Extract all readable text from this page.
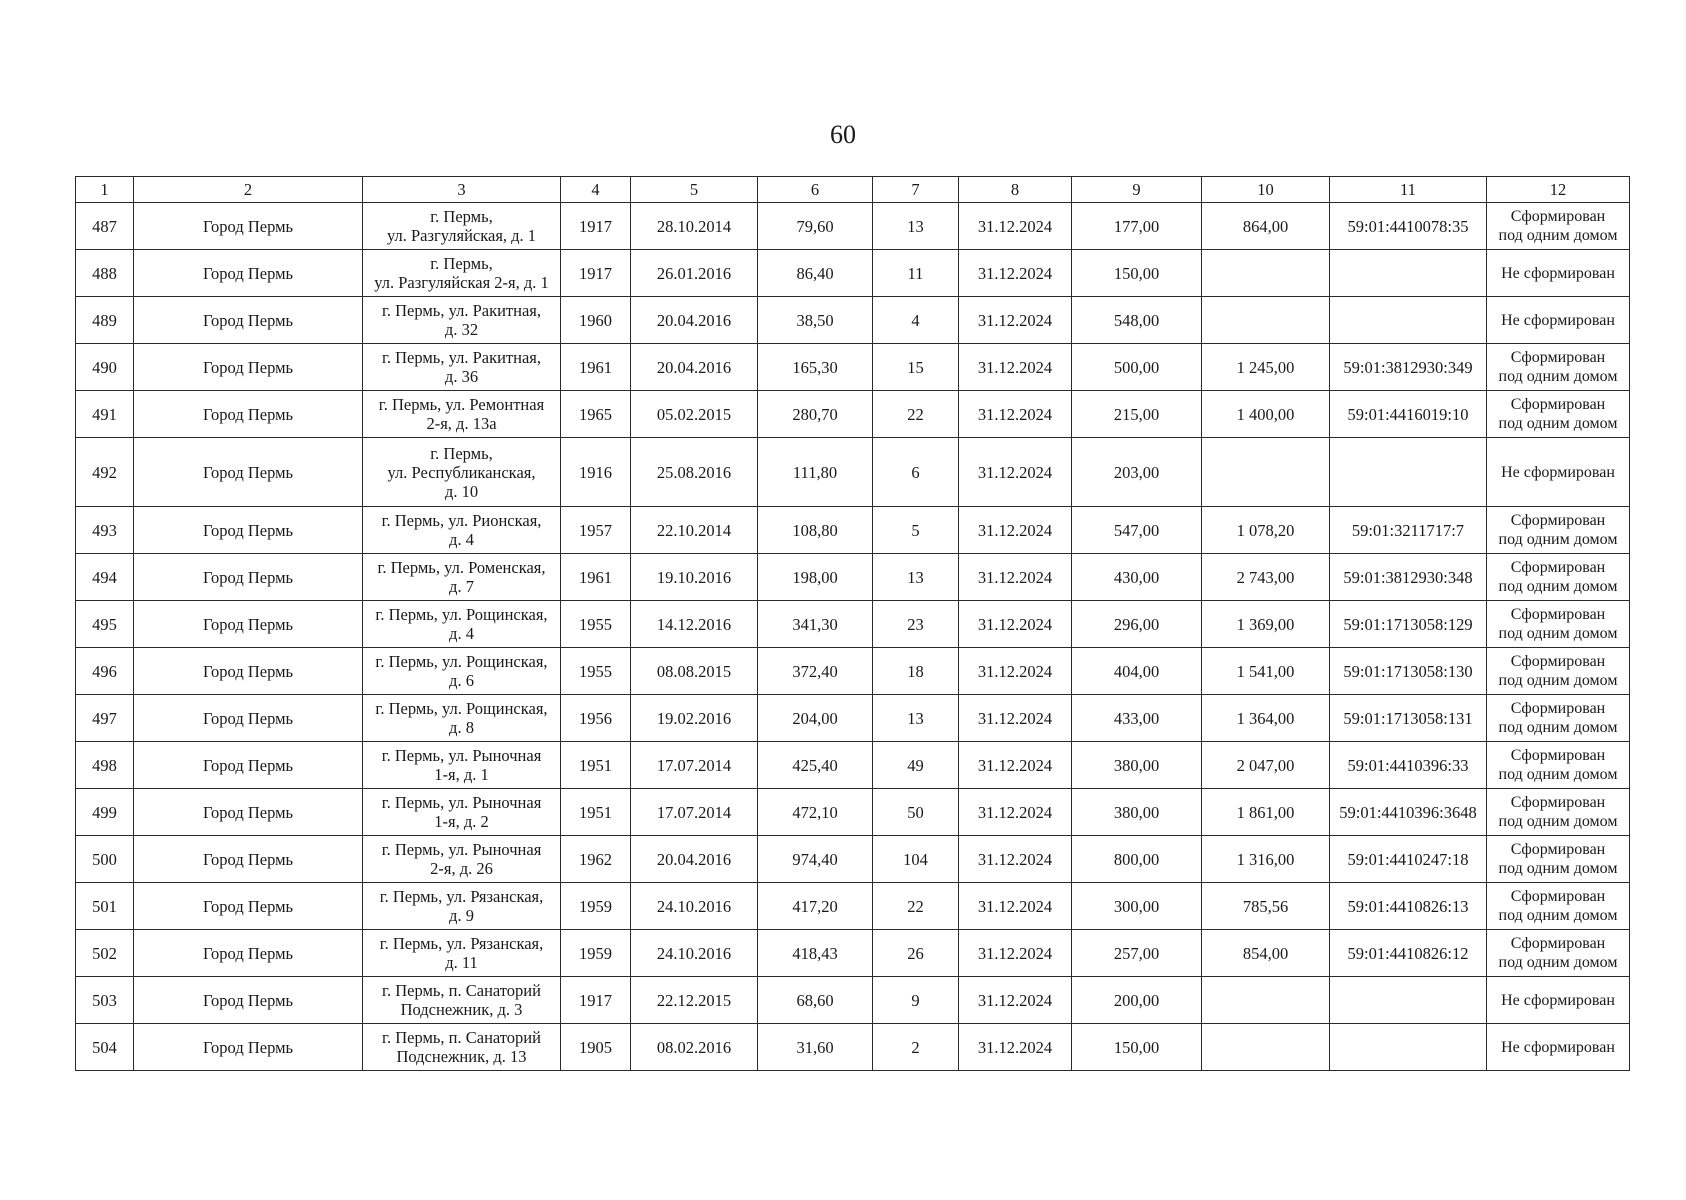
60
1	2	3	4	5	6	7	8	9	10	11	12
487	Город Пермь	г. Пермь,
ул. Разгуляйская, д. 1	1917	28.10.2014	79,60	13	31.12.2024	177,00	864,00	59:01:4410078:35	Сформирован
под одним домом

488	Город Пермь	г. Пермь,
ул. Разгуляйская 2-я, д. 1	1917	26.01.2016	86,40	11	31.12.2024	150,00			Не сформирован

489	Город Пермь	г. Пермь, ул. Ракитная,
д. 32	1960	20.04.2016	38,50	4	31.12.2024	548,00			Не сформирован

490	Город Пермь	г. Пермь, ул. Ракитная,
д. 36	1961	20.04.2016	165,30	15	31.12.2024	500,00	1 245,00	59:01:3812930:349	Сформирован
под одним домом

491	Город Пермь	г. Пермь, ул. Ремонтная
2-я, д. 13а	1965	05.02.2015	280,70	22	31.12.2024	215,00	1 400,00	59:01:4416019:10	Сформирован
под одним домом

492	Город Пермь	г. Пермь,
ул. Республиканская,
д. 10	1916	25.08.2016	111,80	6	31.12.2024	203,00			Не сформирован

493	Город Пермь	г. Пермь, ул. Рионская,
д. 4	1957	22.10.2014	108,80	5	31.12.2024	547,00	1 078,20	59:01:3211717:7	Сформирован
под одним домом

494	Город Пермь	г. Пермь, ул. Роменская,
д. 7	1961	19.10.2016	198,00	13	31.12.2024	430,00	2 743,00	59:01:3812930:348	Сформирован
под одним домом

495	Город Пермь	г. Пермь, ул. Рощинская,
д. 4	1955	14.12.2016	341,30	23	31.12.2024	296,00	1 369,00	59:01:1713058:129	Сформирован
под одним домом

496	Город Пермь	г. Пермь, ул. Рощинская,
д. 6	1955	08.08.2015	372,40	18	31.12.2024	404,00	1 541,00	59:01:1713058:130	Сформирован
под одним домом

497	Город Пермь	г. Пермь, ул. Рощинская,
д. 8	1956	19.02.2016	204,00	13	31.12.2024	433,00	1 364,00	59:01:1713058:131	Сформирован
под одним домом

498	Город Пермь	г. Пермь, ул. Рыночная
1-я, д. 1	1951	17.07.2014	425,40	49	31.12.2024	380,00	2 047,00	59:01:4410396:33	Сформирован
под одним домом

499	Город Пермь	г. Пермь, ул. Рыночная
1-я, д. 2	1951	17.07.2014	472,10	50	31.12.2024	380,00	1 861,00	59:01:4410396:3648	Сформирован
под одним домом

500	Город Пермь	г. Пермь, ул. Рыночная
2-я, д. 26	1962	20.04.2016	974,40	104	31.12.2024	800,00	1 316,00	59:01:4410247:18	Сформирован
под одним домом

501	Город Пермь	г. Пермь, ул. Рязанская,
д. 9	1959	24.10.2016	417,20	22	31.12.2024	300,00	785,56	59:01:4410826:13	Сформирован
под одним домом

502	Город Пермь	г. Пермь, ул. Рязанская,
д. 11	1959	24.10.2016	418,43	26	31.12.2024	257,00	854,00	59:01:4410826:12	Сформирован
под одним домом

503	Город Пермь	г. Пермь, п. Санаторий
Подснежник, д. 3	1917	22.12.2015	68,60	9	31.12.2024	200,00			Не сформирован

504	Город Пермь	г. Пермь, п. Санаторий
Подснежник, д. 13	1905	08.02.2016	31,60	2	31.12.2024	150,00			Не сформирован
